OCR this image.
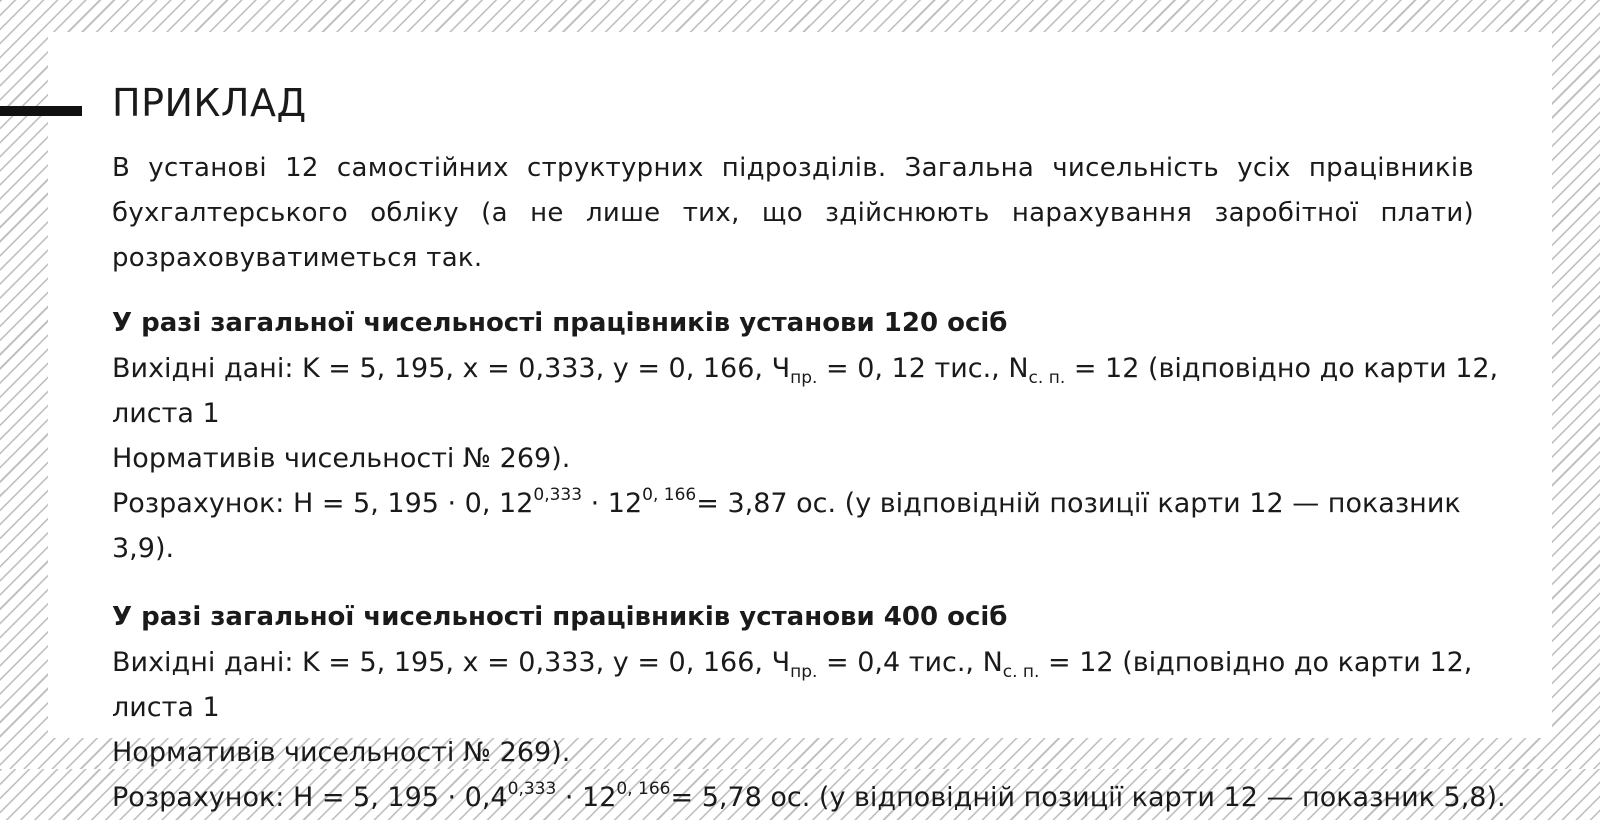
ПРИКЛАД

В установі 12 самостійних структурних підрозділів. Загальна чисельність усіх працівників бухгалтерського обліку (а не лише тих, що здійснюють нарахування заробітної плати) розраховуватиметься так.

У разі загальної чисельності працівників установи 120 осіб

Вихідні дані: K = 5, 195, x = 0,333, y = 0, 166, $Ч_{пр.} = 0$, 12 тис., $N_{с. п.} = 12$ (відповідно до карти 12, листа 1

Нормативів чисельності № 269).

Розрахунок: Н = 5, 195 · 0, $12^{0,333} \cdot 12^{0, 166}= 3,87$ ос. (у відповідній позиції карти 12 — показник 3,9).

У разі загальної чисельності працівників установи 400 осіб

Вихідні дані: K = 5, 195, x = 0,333, y = 0, 166, $Ч_{пр.} = 0,4$ тис., $N_{с. п.} = 12$ (відповідно до карти 12, листа 1

Нормативів чисельності № 269).

Розрахунок: Н = 5, $195 \cdot 0,4^{0,333} \cdot 12^{0, 166}= 5,78$ ос. (у відповідній позиції карти 12 — показник 5,8).
